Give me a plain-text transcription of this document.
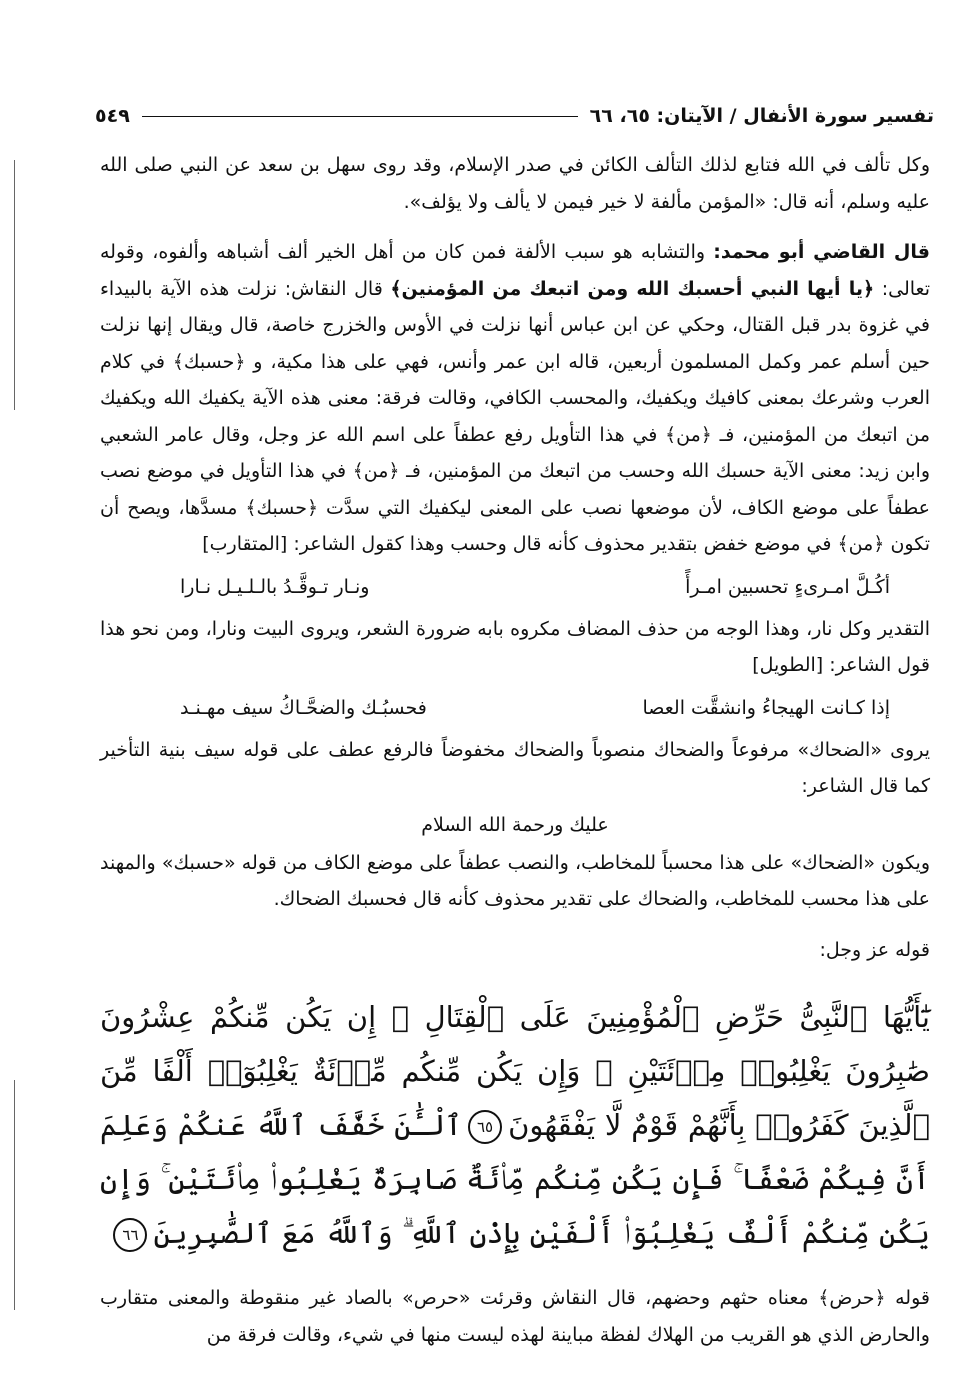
تفسير سورة الأنفال / الآيتان: ٦٥، ٦٦
٥٤٩

وكل تألف في الله فتابع لذلك التألف الكائن في صدر الإسلام، وقد روى سهل بن سعد عن النبي صلى الله عليه وسلم، أنه قال: «المؤمن مألفة لا خير فيمن لا يألف ولا يؤلف».

قال القاضي أبو محمد: والتشابه هو سبب الألفة فمن كان من أهل الخير ألف أشباهه وألفوه، وقوله تعالى: ﴿يا أيها النبي أحسبك الله ومن اتبعك من المؤمنين﴾ قال النقاش: نزلت هذه الآية بالبيداء في غزوة بدر قبل القتال، وحكي عن ابن عباس أنها نزلت في الأوس والخزرج خاصة، قال ويقال إنها نزلت حين أسلم عمر وكمل المسلمون أربعين، قاله ابن عمر وأنس، فهي على هذا مكية، و ﴿حسبك﴾ في كلام العرب وشرعك بمعنى كافيك ويكفيك، والمحسب الكافي، وقالت فرقة: معنى هذه الآية يكفيك الله ويكفيك من اتبعك من المؤمنين، فـ ﴿من﴾ في هذا التأويل رفع عطفاً على اسم الله عز وجل، وقال عامر الشعبي وابن زيد: معنى الآية حسبك الله وحسب من اتبعك من المؤمنين، فـ ﴿من﴾ في هذا التأويل في موضع نصب عطفاً على موضع الكاف، لأن موضعها نصب على المعنى ليكفيك التي سدَّت ﴿حسبك﴾ مسدَّها، ويصح أن تكون ﴿من﴾ في موضع خفض بتقدير محذوف كأنه قال وحسب وهذا كقول الشاعر: [المتقارب]

أكُـلَّ امـرىءٍ تحسبين امـرأً
ونـار تـوقَّـدُ بالـلـيـل نـارا

التقدير وكل نار، وهذا الوجه من حذف المضاف مكروه بابه ضرورة الشعر، ويروى البيت ونارا، ومن نحو هذا قول الشاعر: [الطويل]

إذا كـانت الهيجاءُ وانشقَّت العصا
فحسبُـك والضحَّـاكُ سيف مهـنـد

يروى «الضحاك» مرفوعاً والضحاك منصوباً والضحاك مخفوضاً فالرفع عطف على قوله سيف بنية التأخير كما قال الشاعر:

عليك ورحمة الله السلام

ويكون «الضحاك» على هذا محسباً للمخاطب، والنصب عطفاً على موضع الكاف من قوله «حسبك» والمهند على هذا محسب للمخاطب، والضحاك على تقدير محذوف كأنه قال فحسبك الضحاك.

قوله عز وجل:

يَٰٓأَيُّهَا ٱلنَّبِىُّ حَرِّضِ ٱلْمُؤْمِنِينَ عَلَى ٱلْقِتَالِ ۚ إِن يَكُن مِّنكُمْ عِشْرُونَ صَٰبِرُونَ يَغْلِبُوا۟ مِا۟ئَتَيْنِ ۚ وَإِن يَكُن مِّنكُم مِّا۟ئَةٌ يَغْلِبُوٓا۟ أَلْفًا مِّنَ ٱلَّذِينَ كَفَرُوا۟ بِأَنَّهُمْ قَوْمٌ لَّا يَفْقَهُونَ٦٥ٱلْـَٰٔنَ خَفَّفَ ٱللَّهُ عَنكُمْ وَعَلِمَ أَنَّ فِيكُمْ ضَعْفًا ۚ فَإِن يَكُن مِّنكُم مِّا۟ئَةٌ صَابِرَةٌ يَغْلِبُوا۟ مِا۟ئَتَيْنِ ۚ وَإِن يَكُن مِّنكُمْ أَلْفٌ يَغْلِبُوٓا۟ أَلْفَيْنِ بِإِذْنِ ٱللَّهِ ۗ وَٱللَّهُ مَعَ ٱلصَّٰبِرِينَ٦٦

قوله ﴿حرض﴾ معناه حثهم وحضهم، قال النقاش وقرئت «حرص» بالصاد غير منقوطة والمعنى متقارب والحارض الذي هو القريب من الهلاك لفظة مباينة لهذه ليست منها في شيء، وقالت فرقة من
